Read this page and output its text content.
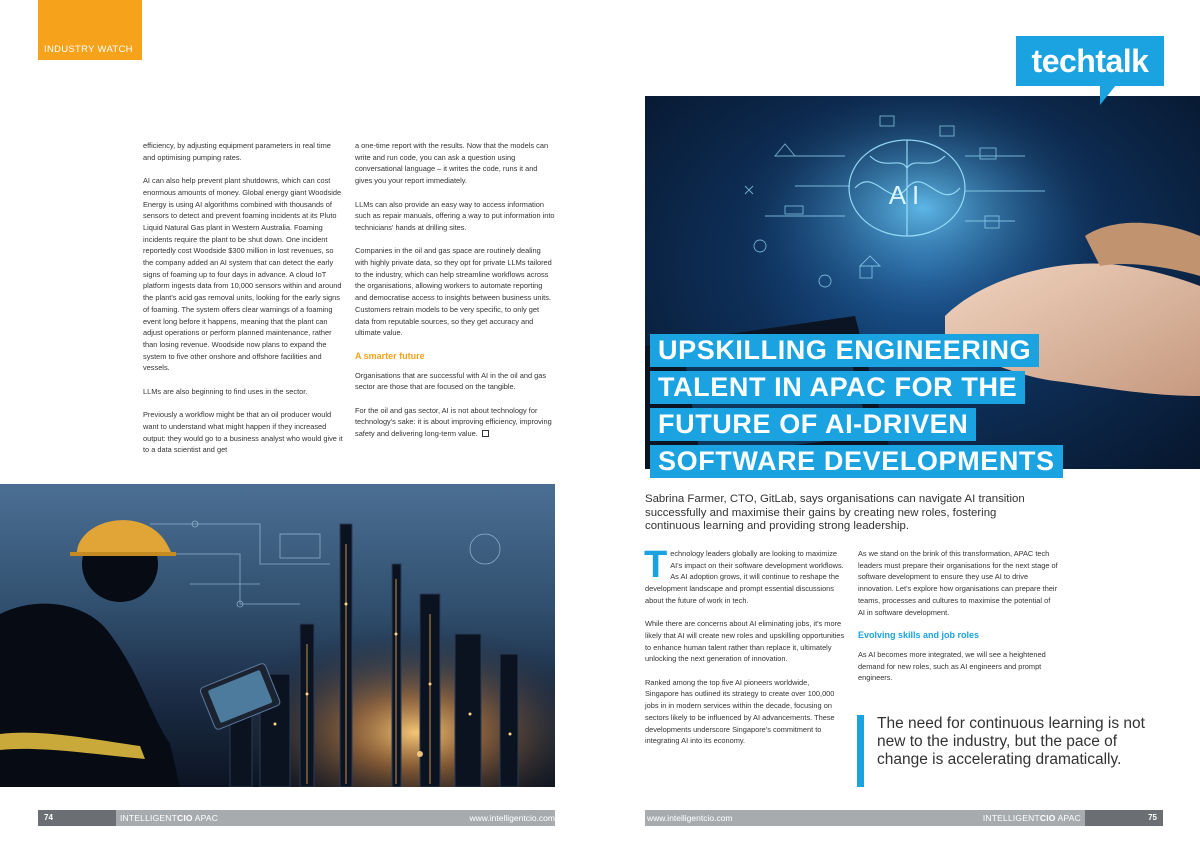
INDUSTRY WATCH

efficiency, by adjusting equipment parameters in real time and optimising pumping rates.

AI can also help prevent plant shutdowns, which can cost enormous amounts of money. Global energy giant Woodside Energy is using AI algorithms combined with thousands of sensors to detect and prevent foaming incidents at its Pluto Liquid Natural Gas plant in Western Australia. Foaming incidents require the plant to be shut down. One incident reportedly cost Woodside $300 million in lost revenues, so the company added an AI system that can detect the early signs of foaming up to four days in advance. A cloud IoT platform ingests data from 10,000 sensors within and around the plant's acid gas removal units, looking for the early signs of foaming. The system offers clear warnings of a foaming event long before it happens, meaning that the plant can adjust operations or perform planned maintenance, rather than losing revenue. Woodside now plans to expand the system to five other onshore and offshore facilities and vessels.

LLMs are also beginning to find uses in the sector.

Previously a workflow might be that an oil producer would want to understand what might happen if they increased output: they would go to a business analyst who would give it to a data scientist and get

a one-time report with the results. Now that the models can write and run code, you can ask a question using conversational language – it writes the code, runs it and gives you your report immediately.

LLMs can also provide an easy way to access information such as repair manuals, offering a way to put information into technicians' hands at drilling sites.

Companies in the oil and gas space are routinely dealing with highly private data, so they opt for private LLMs tailored to the industry, which can help streamline workflows across the organisations, allowing workers to automate reporting and democratise access to insights between business units. Customers retrain models to be very specific, to only get data from reputable sources, so they get accuracy and ultimate value.

A smarter future

Organisations that are successful with AI in the oil and gas sector are those that are focused on the tangible.

For the oil and gas sector, AI is not about technology for technology's sake: it is about improving efficiency, improving safety and delivering long-term value.

AI
techtalk
UPSKILLING ENGINEERING
TALENT IN APAC FOR THE
FUTURE OF AI-DRIVEN
SOFTWARE DEVELOPMENTS

Sabrina Farmer, CTO, GitLab, says organisations can navigate AI transition successfully and maximise their gains by creating new roles, fostering continuous learning and providing strong leadership.

Technology leaders globally are looking to maximize AI's impact on their software development workflows. As AI adoption grows, it will continue to reshape the development landscape and prompt essential discussions about the future of work in tech.

While there are concerns about AI eliminating jobs, it's more likely that AI will create new roles and upskilling opportunities to enhance human talent rather than replace it, ultimately unlocking the next generation of innovation.

Ranked among the top five AI pioneers worldwide, Singapore has outlined its strategy to create over 100,000 jobs in in modern services within the decade, focusing on sectors likely to be influenced by AI advancements. These developments underscore Singapore's commitment to integrating AI into its economy.

As we stand on the brink of this transformation, APAC tech leaders must prepare their organisations for the next stage of software development to ensure they use AI to drive innovation. Let's explore how organisations can prepare their teams, processes and cultures to maximise the potential of AI in software development.

Evolving skills and job roles

As AI becomes more integrated, we will see a heightened demand for new roles, such as AI engineers and prompt engineers.

The need for continuous learning is not new to the industry, but the pace of change is accelerating dramatically.

74	INTELLIGENTCIO APAC	www.intelligentcio.com	www.intelligentcio.com	INTELLIGENTCIO APAC	75
